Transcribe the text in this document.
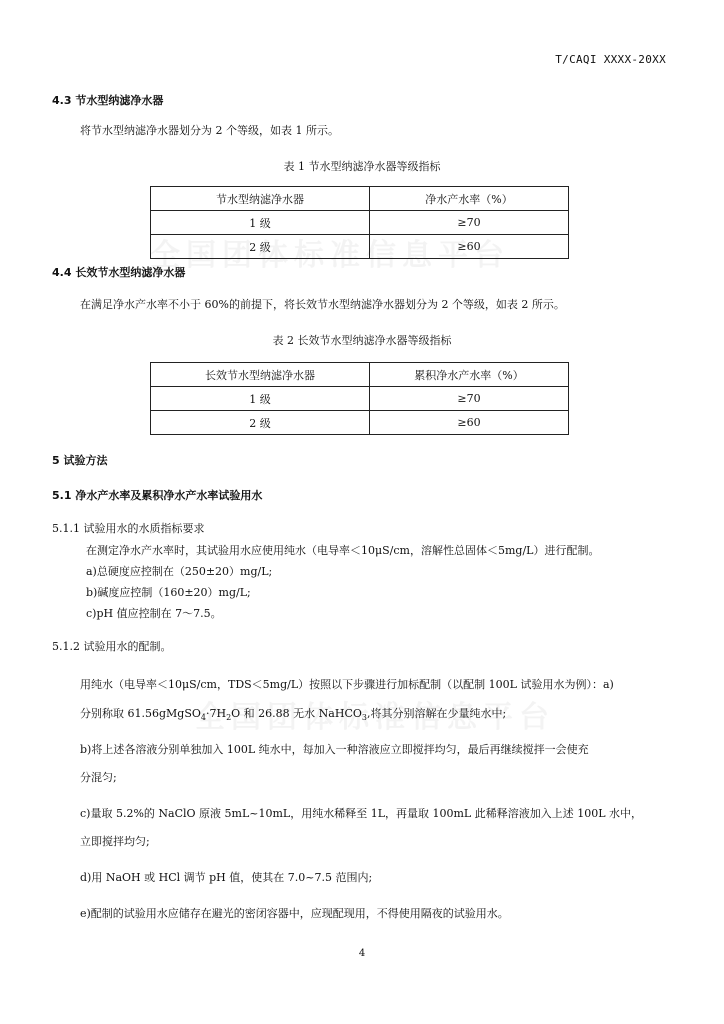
T/CAQI XXXX-20XX
4.3 节水型纳滤净水器
将节水型纳滤净水器划分为 2 个等级，如表 1 所示。
表 1 节水型纳滤净水器等级指标
节水型纳滤净水器	净水产水率（%）
1 级	≥70
2 级	≥60
4.4 长效节水型纳滤净水器
在满足净水产水率不小于 60%的前提下，将长效节水型纳滤净水器划分为 2 个等级，如表 2 所示。
表 2 长效节水型纳滤净水器等级指标
长效节水型纳滤净水器	累积净水产水率（%）
1 级	≥70
2 级	≥60
5 试验方法
5.1 净水产水率及累积净水产水率试验用水
5.1.1 试验用水的水质指标要求
在测定净水产水率时，其试验用水应使用纯水（电导率＜10μS/cm，溶解性总固体＜5mg/L）进行配制。
a)总硬度应控制在（250±20）mg/L;
b)碱度应控制（160±20）mg/L;
c)pH 值应控制在 7～7.5。
5.1.2 试验用水的配制。
用纯水（电导率＜10μS/cm，TDS＜5mg/L）按照以下步骤进行加标配制（以配制 100L 试验用水为例）：a)
分别称取 $61.56gMgSO_4\cdot 7H_2O$ 和 26.88 无水 NaHCO$_3$,将其分别溶解在少量纯水中;
b)将上述各溶液分别单独加入 100L 纯水中，每加入一种溶液应立即搅拌均匀，最后再继续搅拌一会使充
分混匀;
c)量取 5.2%的 NaClO 原液 5mL~10mL，用纯水稀释至 1L，再量取 100mL 此稀释溶液加入上述 100L 水中，
立即搅拌均匀;
d)用 NaOH 或 HCl 调节 pH 值，使其在 7.0~7.5 范围内;
e)配制的试验用水应储存在避光的密闭容器中，应现配现用，不得使用隔夜的试验用水。
4
